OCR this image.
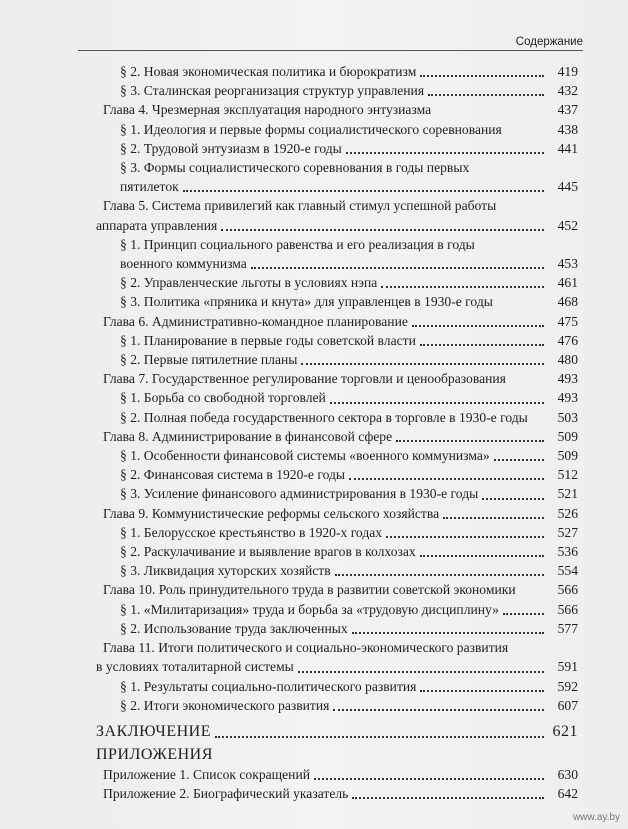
Содержание
§ 2. Новая экономическая политика и бюрократизм	419
§ 3. Сталинская реорганизация структур управления	432
Глава 4. Чрезмерная эксплуатация народного энтузиазма	437
§ 1. Идеология и первые формы социалистического соревнования	438
§ 2. Трудовой энтузиазм в 1920-е годы	441
§ 3. Формы социалистического соревнования в годы первых
пятилеток	445
Глава 5. Система привилегий как главный стимул успешной работы
аппарата управления	452
§ 1. Принцип социального равенства и его реализация в годы
военного коммунизма	453
§ 2. Управленческие льготы в условиях нэпа	461
§ 3. Политика «пряника и кнута» для управленцев в 1930-е годы	468
Глава 6. Административно-командное планирование	475
§ 1. Планирование в первые годы советской власти	476
§ 2. Первые пятилетние планы	480
Глава 7. Государственное регулирование торговли и ценообразования	493
§ 1. Борьба со свободной торговлей	493
§ 2. Полная победа государственного сектора в торговле в 1930-е годы	503
Глава 8. Администрирование в финансовой сфере	509
§ 1. Особенности финансовой системы «военного коммунизма»	509
§ 2. Финансовая система в 1920-е годы	512
§ 3. Усиление финансового администрирования в 1930-е годы	521
Глава 9. Коммунистические реформы сельского хозяйства	526
§ 1. Белорусское крестьянство в 1920-х годах	527
§ 2. Раскулачивание и выявление врагов в колхозах	536
§ 3. Ликвидация хуторских хозяйств	554
Глава 10. Роль принудительного труда в развитии советской экономики	566
§ 1. «Милитаризация» труда и борьба за «трудовую дисциплину»	566
§ 2. Использование труда заключенных	577
Глава 11. Итоги политического и социально-экономического развития
в условиях тоталитарной системы	591
§ 1. Результаты социально-политического развития	592
§ 2. Итоги экономического развития	607
ЗАКЛЮЧЕНИЕ	621
ПРИЛОЖЕНИЯ
Приложение 1. Список сокращений	630
Приложение 2. Биографический указатель	642
www.ay.by
